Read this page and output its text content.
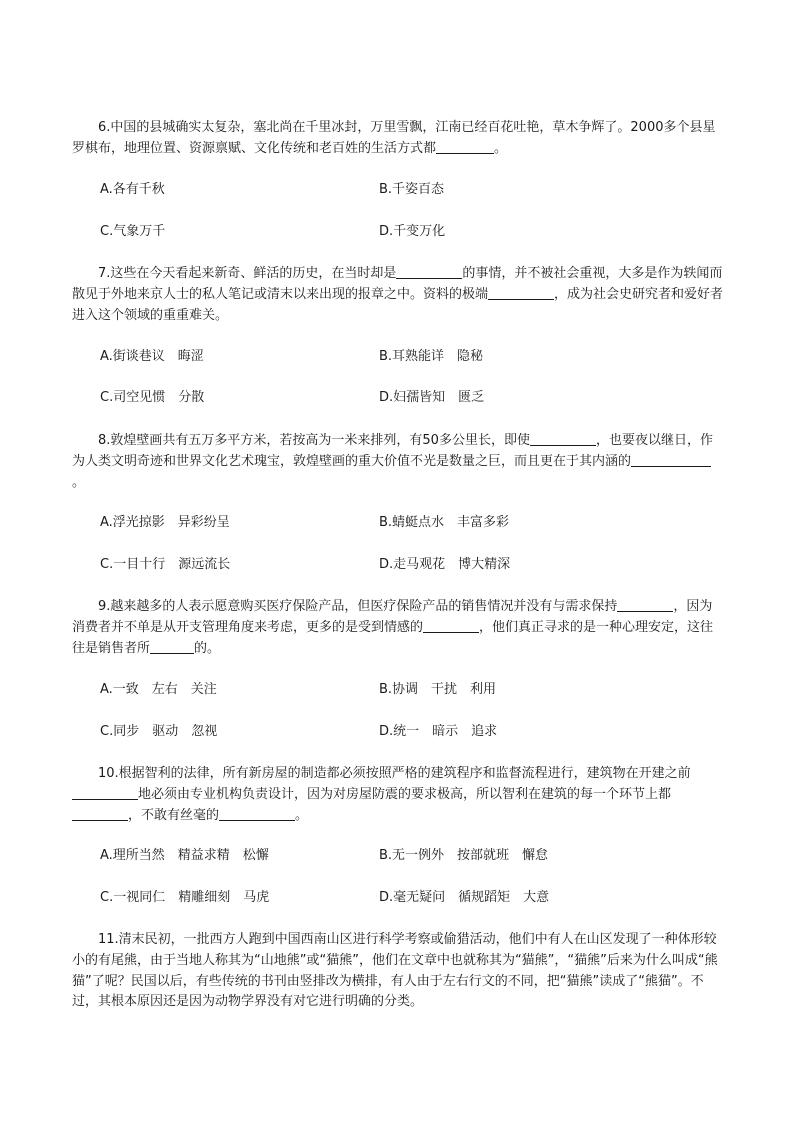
6.中国的县城确实太复杂，塞北尚在千里冰封，万里雪飘，江南已经百花吐艳，草木争辉了。2000多个县星罗棋布，地理位置、资源禀赋、文化传统和老百姓的生活方式都	。

A.各有千秋	B.千姿百态
C.气象万千	D.千变万化

7.这些在今天看起来新奇、鲜活的历史，在当时却是	的事情，并不被社会重视，大多是作为轶闻而散见于外地来京人士的私人笔记或清末以来出现的报章之中。资料的极端	，成为社会史研究者和爱好者进入这个领域的重重难关。

A.街谈巷议　晦涩	B.耳熟能详　隐秘
C.司空见惯　分散	D.妇孺皆知　匮乏

8.敦煌壁画共有五万多平方米，若按高为一米来排列，有50多公里长，即使	，也要夜以继日，作为人类文明奇迹和世界文化艺术瑰宝，敦煌壁画的重大价值不光是数量之巨，而且更在于其内涵的。

A.浮光掠影　异彩纷呈	B.蜻蜓点水　丰富多彩
C.一目十行　源远流长	D.走马观花　博大精深

9.越来越多的人表示愿意购买医疗保险产品，但医疗保险产品的销售情况并没有与需求保持	，因为消费者并不单是从开支管理角度来考虑，更多的是受到情感的	，他们真正寻求的是一种心理安定，这往往是销售者所	的。

A.一致　左右　关注	B.协调　干扰　利用
C.同步　驱动　忽视	D.统一　暗示　追求

10.根据智利的法律，所有新房屋的制造都必须按照严格的建筑程序和监督流程进行，建筑物在开建之前地必须由专业机构负责设计，因为对房屋防震的要求极高，所以智利在建筑的每一个环节上都，不敢有丝毫的	。

A.理所当然　精益求精　松懈	B.无一例外　按部就班　懈怠
C.一视同仁　精雕细刻　马虎	D.毫无疑问　循规蹈矩　大意

11.清末民初，一批西方人跑到中国西南山区进行科学考察或偷猎活动，他们中有人在山区发现了一种体形较小的有尾熊，由于当地人称其为“山地熊”或“猫熊”，他们在文章中也就称其为“猫熊”，“猫熊”后来为什么叫成“熊猫”了呢？民国以后，有些传统的书刊由竖排改为横排，有人由于左右行文的不同，把“猫熊”读成了“熊猫”。不过，其根本原因还是因为动物学界没有对它进行明确的分类。
